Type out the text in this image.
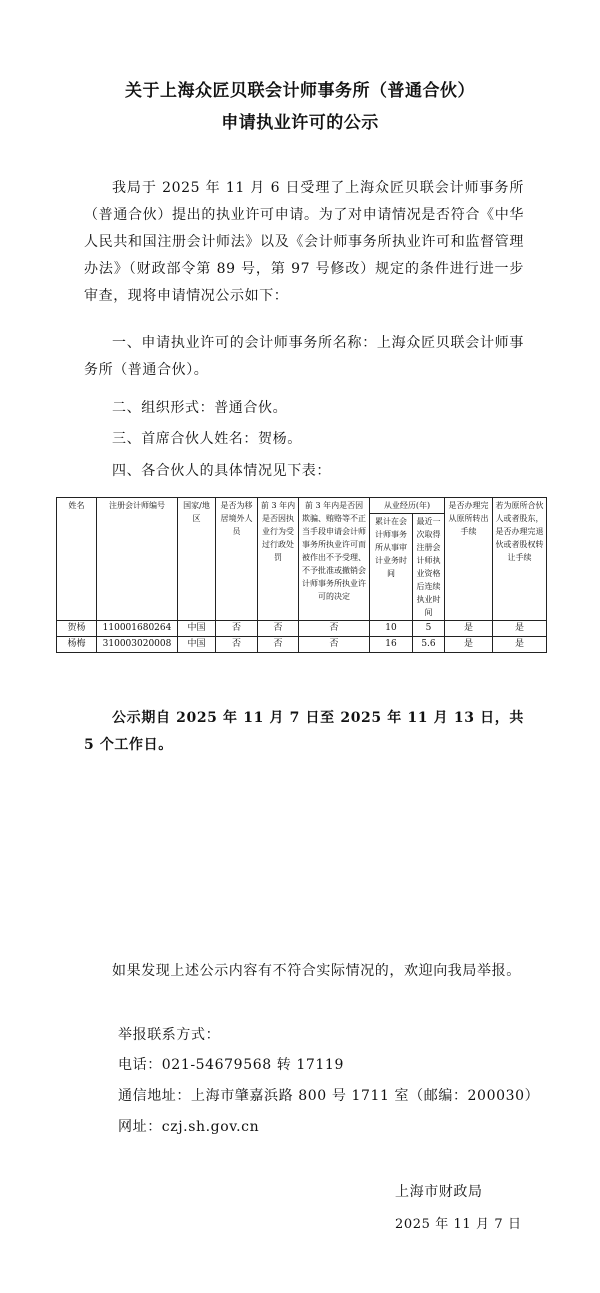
关于上海众匠贝联会计师事务所（普通合伙）
申请执业许可的公示
我局于 2025 年 11 月 6 日受理了上海众匠贝联会计师事务所（普通合伙）提出的执业许可申请。为了对申请情况是否符合《中华人民共和国注册会计师法》以及《会计师事务所执业许可和监督管理办法》（财政部令第 89 号，第 97 号修改）规定的条件进行进一步审查，现将申请情况公示如下：
一、申请执业许可的会计师事务所名称：上海众匠贝联会计师事务所（普通合伙）。
二、组织形式：普通合伙。
三、首席合伙人姓名：贺杨。
四、各合伙人的具体情况见下表：
姓名	注册会计师编号	国家/地区	是否为移居境外人员	前 3 年内是否因执业行为受过行政处罚	前 3 年内是否因欺骗、贿赂等不正当手段申请会计师事务所执业许可而被作出不予受理、不予批准或撤销会计师事务所执业许可的决定	从业经历(年)		是否办理完从原所转出手续	若为原所合伙人或者股东，是否办理完退伙或者股权转让手续
						累计在会计师事务所从事审计业务时间	最近一次取得注册会计师执业资格后连续执业时间		
贺杨	110001680264	中国	否	否	否	10	5	是	是
杨梅	310003020008	中国	否	否	否	16	5.6	是	是
公示期自 2025 年 11 月 7 日至 2025 年 11 月 13 日，共 5 个工作日。
如果发现上述公示内容有不符合实际情况的，欢迎向我局举报。
举报联系方式：
电话：021-54679568 转 17119
通信地址：上海市肇嘉浜路 800 号 1711 室（邮编：200030）
网址：czj.sh.gov.cn
上海市财政局
2025 年 11 月 7 日
